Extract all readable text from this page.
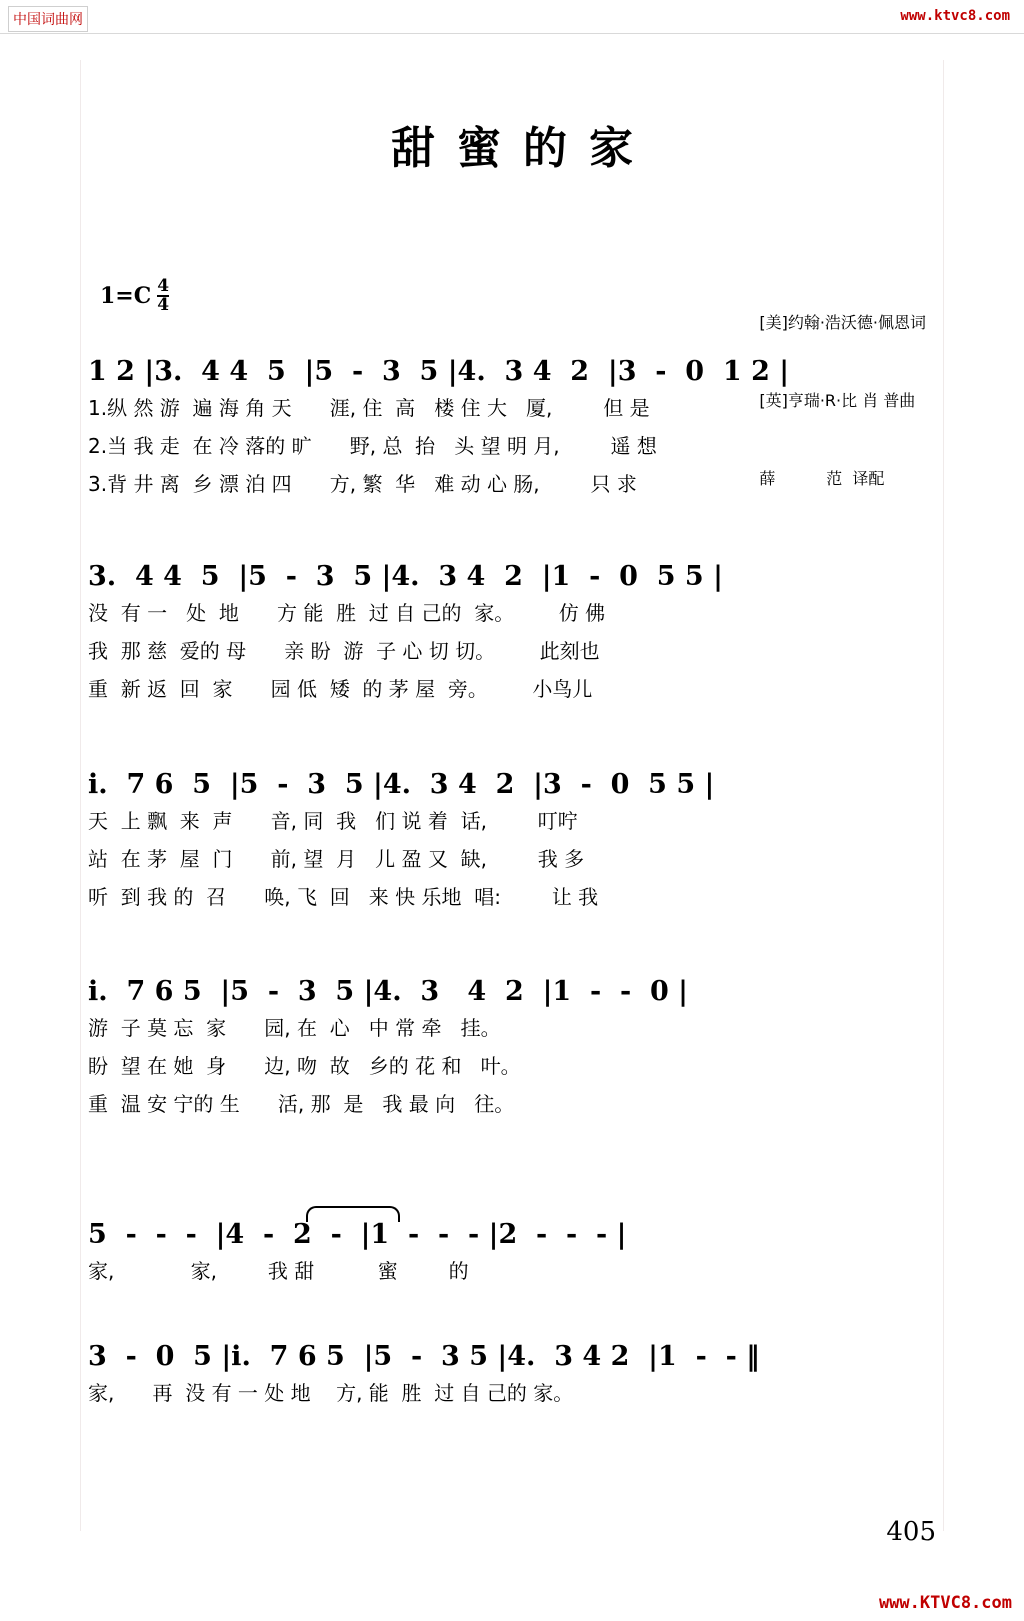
中国词曲网	www.ktvc8.com
甜蜜的家
$1=C \frac{4}{4}$

[美]约翰·浩沃德·佩恩词

[英]亨瑞·R·比 肖 普曲

薛          范  译配

1 2 |3.  4 4  5  |5  -  3  5 |4.  3 4  2  |3  -  0  1 2 |
1.纵 然 游  遍 海 角 天      涯, 住  高   楼 住 大   厦,        但 是
2.当 我 走  在 冷 落的 旷      野, 总  抬   头 望 明 月,        遥 想
3.背 井 离  乡 漂 泊 四      方, 繁  华   难 动 心 肠,        只 求
3.  4 4  5  |5  -  3  5 |4.  3 4  2  |1  -  0  5 5 |
没  有 一   处  地      方 能  胜  过 自 己的  家。       仿 佛
我  那 慈  爱的 母      亲 盼  游  子 心 切 切。       此刻也
重  新 返  回  家      园 低  矮  的 茅 屋  旁。       小鸟儿
i.  7 6  5  |5  -  3  5 |4.  3 4  2  |3  -  0  5 5 |
天  上 飘  来  声      音, 同  我   们 说 着  话,        叮咛
站  在 茅  屋  门      前, 望  月   儿 盈 又  缺,        我 多
听  到 我 的  召      唤, 飞  回   来 快 乐地  唱:        让 我
i.  7 6 5  |5  -  3  5 |4.  3   4  2  |1  -  -  0 |
游  子 莫 忘  家      园, 在  心   中 常 牵   挂。
盼  望 在 她  身      边, 吻  故   乡的 花 和   叶。
重  温 安 宁的 生      活, 那  是   我 最 向   往。
5  -  -  -  |4  -  2  -  |1  -  -  - |2  -  -  - |
家,            家,        我 甜          蜜        的
3  -  0  5 |i.  7 6 5  |5  -  3 5 |4.  3 4 2  |1  -  - ‖
家,      再  没 有 一 处 地    方, 能  胜  过 自 己的 家。
405
www.KTVC8.com
